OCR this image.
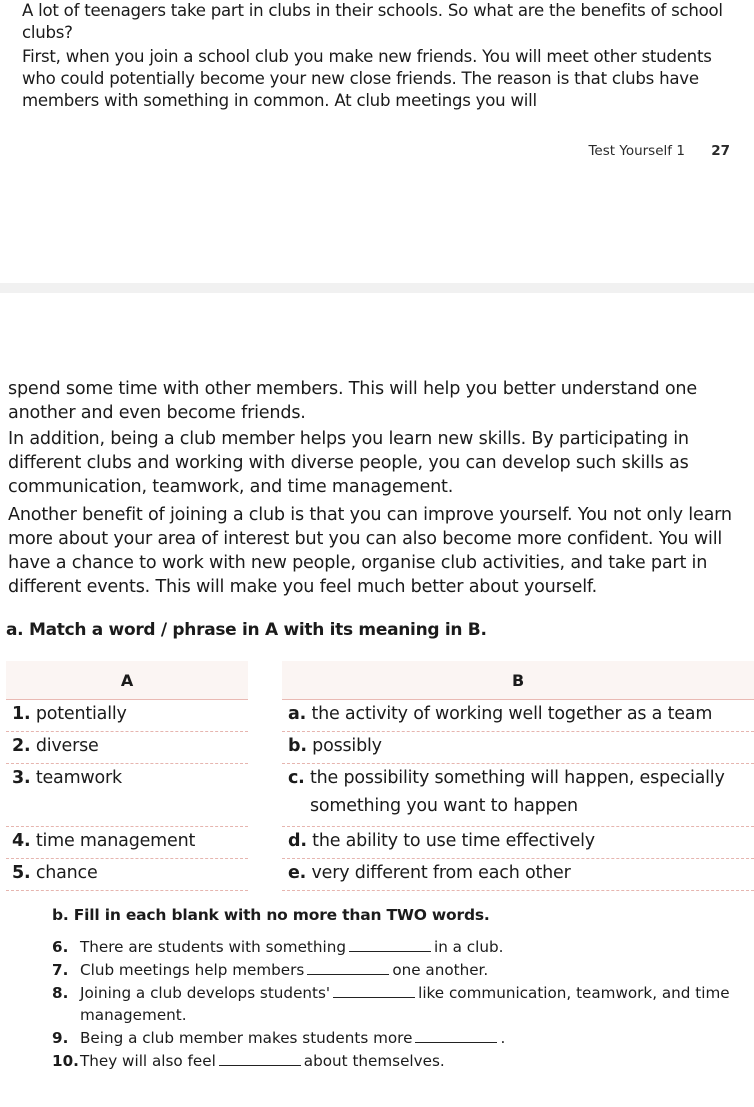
A lot of teenagers take part in clubs in their schools. So what are the benefits of school clubs?

First, when you join a school club you make new friends. You will meet other students who could potentially become your new close friends. The reason is that clubs have members with something in common. At club meetings you will

Test Yourself 1 27

spend some time with other members. This will help you better understand one another and even become friends.

In addition, being a club member helps you learn new skills. By participating in different clubs and working with diverse people, you can develop such skills as communication, teamwork, and time management.

Another benefit of joining a club is that you can improve yourself. You not only learn more about your area of interest but you can also become more confident. You will have a chance to work with new people, organise club activities, and take part in different events. This will make you feel much better about yourself.

a. Match a word / phrase in A with its meaning in B.
A		B
1. potentially		a. the activity of working well together as a team
2. diverse		b. possibly
3. teamwork		c. the possibility something will happen, especially something you want to happen

4. time management		d. the ability to use time effectively
5. chance		e. very different from each other
b. Fill in each blank with no more than TWO words.
6. There are students with something	in a club.
7. Club meetings help members	one another.
8. Joining a club develops students'	like communication, teamwork, and time management.
9. Being a club member makes students more	.
10. They will also feel	about themselves.
